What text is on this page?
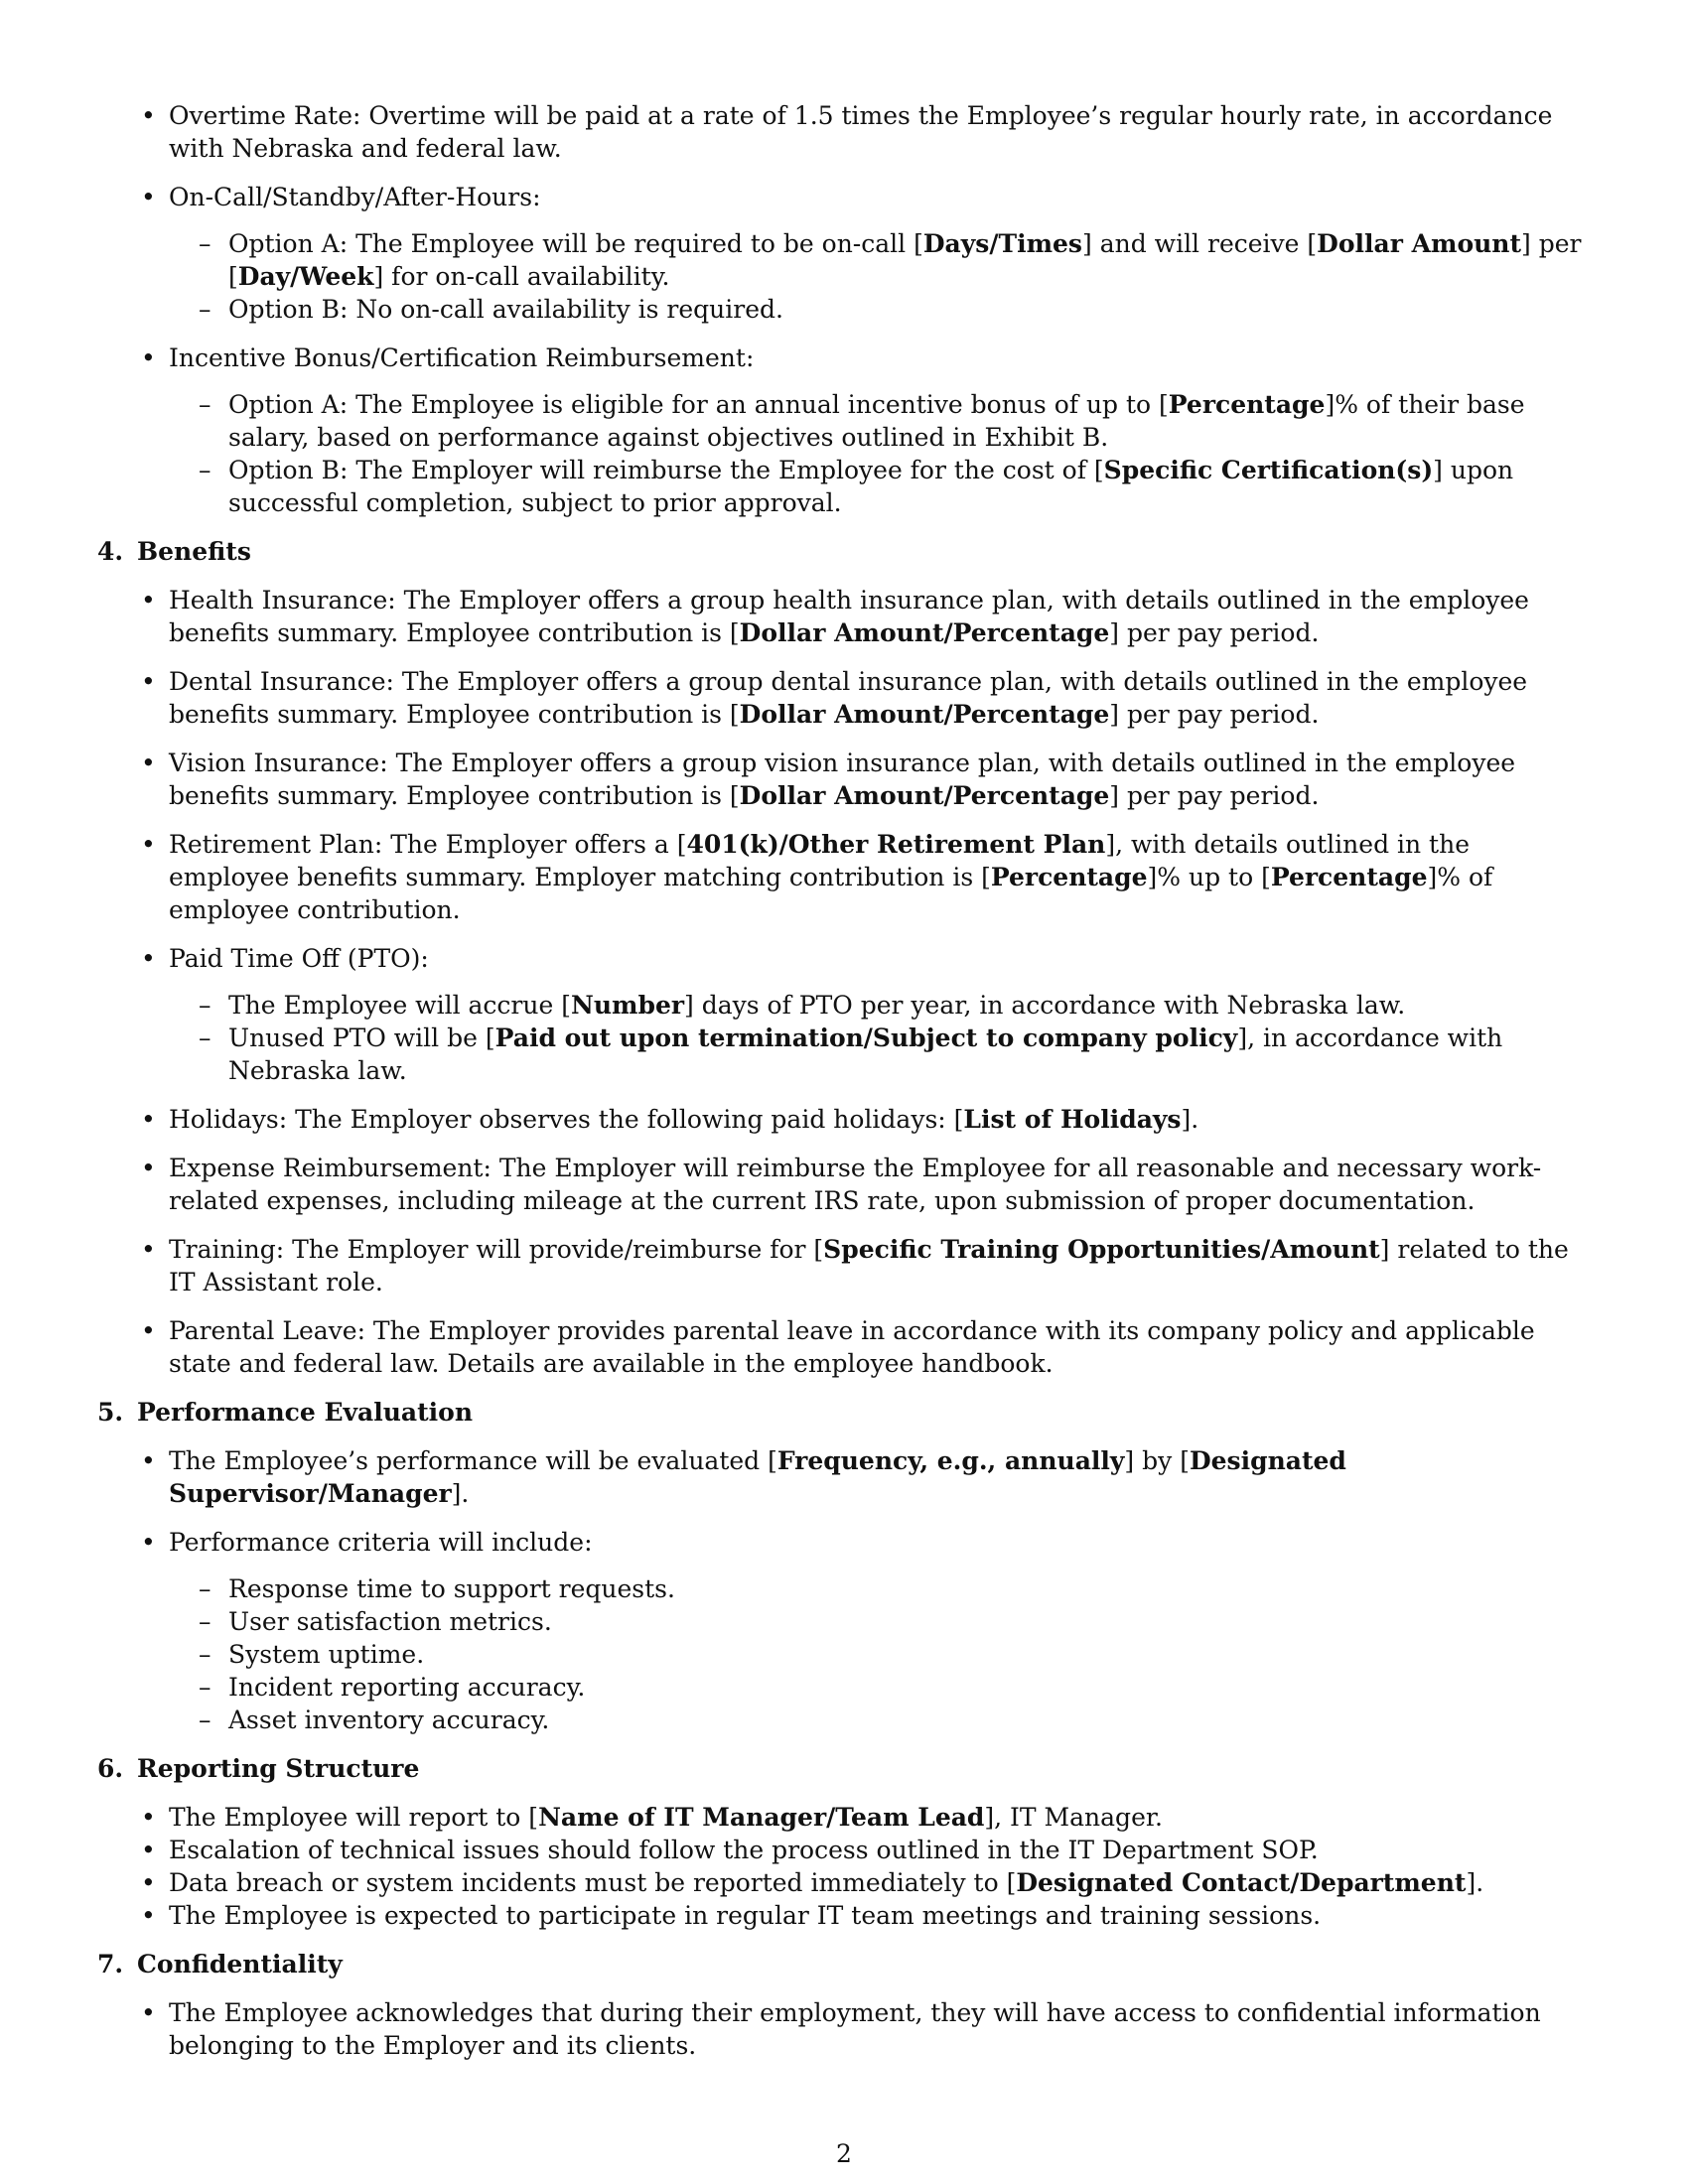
• Overtime Rate: Overtime will be paid at a rate of 1.5 times the Employee’s regular hourly rate, in accordance with Nebraska and federal law.
• On-Call/Standby/After-Hours:
– Option A: The Employee will be required to be on-call [Days/Times] and will receive [Dollar Amount] per [Day/Week] for on-call availability.
– Option B: No on-call availability is required.
• Incentive Bonus/Certification Reimbursement:
– Option A: The Employee is eligible for an annual incentive bonus of up to [Percentage]% of their base salary, based on performance against objectives outlined in Exhibit B.
– Option B: The Employer will reimburse the Employee for the cost of [Specific Certification(s)] upon successful completion, subject to prior approval.
4. Benefits
• Health Insurance: The Employer offers a group health insurance plan, with details outlined in the employee benefits summary. Employee contribution is [Dollar Amount/Percentage] per pay period.
• Dental Insurance: The Employer offers a group dental insurance plan, with details outlined in the employee benefits summary. Employee contribution is [Dollar Amount/Percentage] per pay period.
• Vision Insurance: The Employer offers a group vision insurance plan, with details outlined in the employee benefits summary. Employee contribution is [Dollar Amount/Percentage] per pay period.
• Retirement Plan: The Employer offers a [401(k)/Other Retirement Plan], with details outlined in the employee benefits summary. Employer matching contribution is [Percentage]% up to [Percentage]% of employee contribution.
• Paid Time Off (PTO):
– The Employee will accrue [Number] days of PTO per year, in accordance with Nebraska law.
– Unused PTO will be [Paid out upon termination/Subject to company policy], in accordance with Nebraska law.
• Holidays: The Employer observes the following paid holidays: [List of Holidays].
• Expense Reimbursement: The Employer will reimburse the Employee for all reasonable and necessary work-related expenses, including mileage at the current IRS rate, upon submission of proper documentation.
• Training: The Employer will provide/reimburse for [Specific Training Opportunities/Amount] related to the IT Assistant role.
• Parental Leave: The Employer provides parental leave in accordance with its company policy and applicable state and federal law. Details are available in the employee handbook.
5. Performance Evaluation
• The Employee’s performance will be evaluated [Frequency, e.g., annually] by [Designated Supervisor/Manager].
• Performance criteria will include:
– Response time to support requests.
– User satisfaction metrics.
– System uptime.
– Incident reporting accuracy.
– Asset inventory accuracy.
6. Reporting Structure
• The Employee will report to [Name of IT Manager/Team Lead], IT Manager.
• Escalation of technical issues should follow the process outlined in the IT Department SOP.
• Data breach or system incidents must be reported immediately to [Designated Contact/Department].
• The Employee is expected to participate in regular IT team meetings and training sessions.
7. Confidentiality
• The Employee acknowledges that during their employment, they will have access to confidential information belonging to the Employer and its clients.
2
